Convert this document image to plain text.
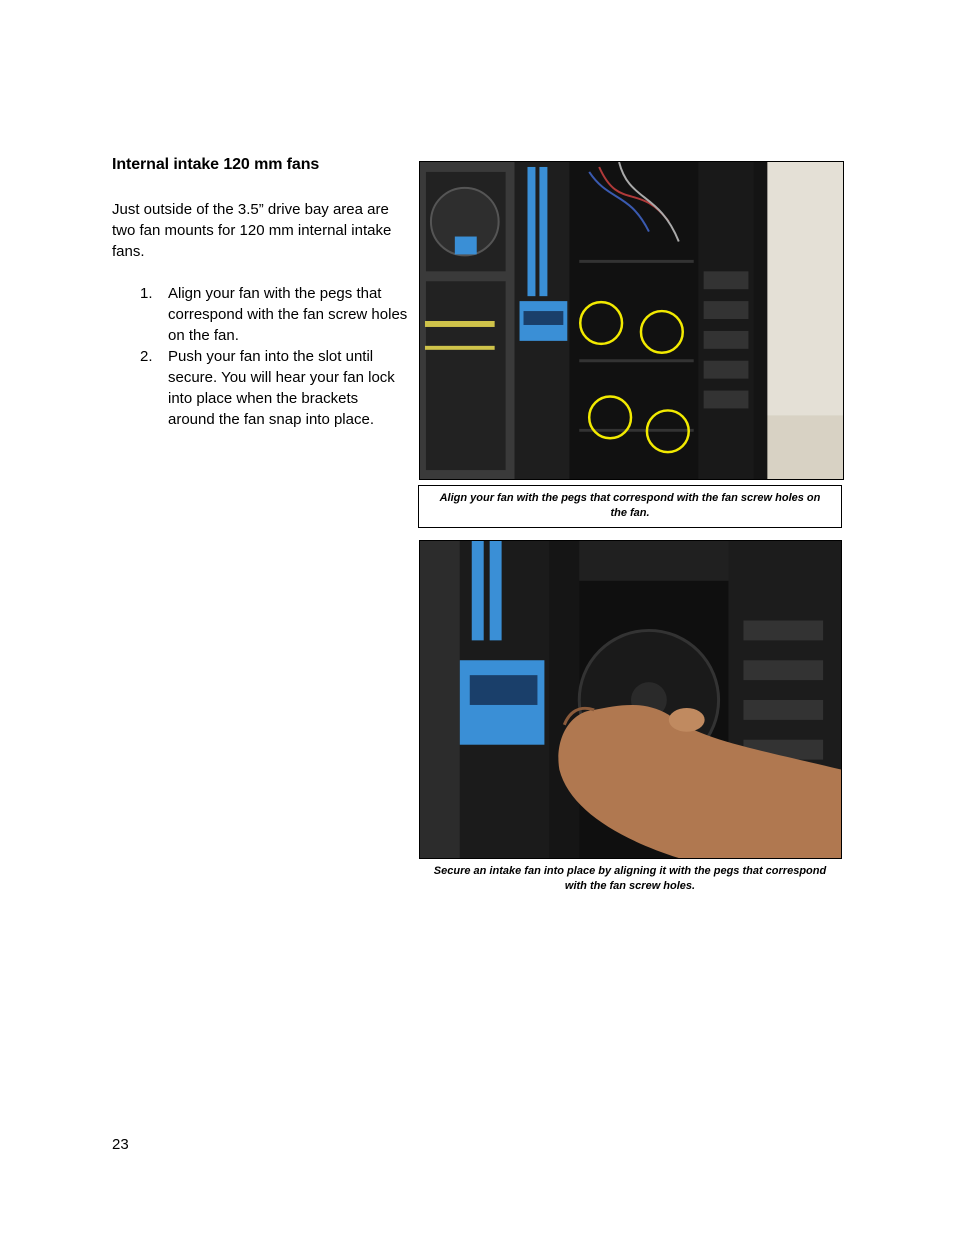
Internal intake 120 mm fans

Just outside of the 3.5” drive bay area are two fan mounts for 120 mm internal intake fans.

1. Align your fan with the pegs that correspond with the fan screw holes on the fan.
2. Push your fan into the slot until secure. You will hear your fan lock into place when the brackets around the fan snap into place.
Align your fan with the pegs that correspond with the fan screw holes on the fan.
Secure an intake fan into place by aligning it with the pegs that correspond with the fan screw holes.
23
